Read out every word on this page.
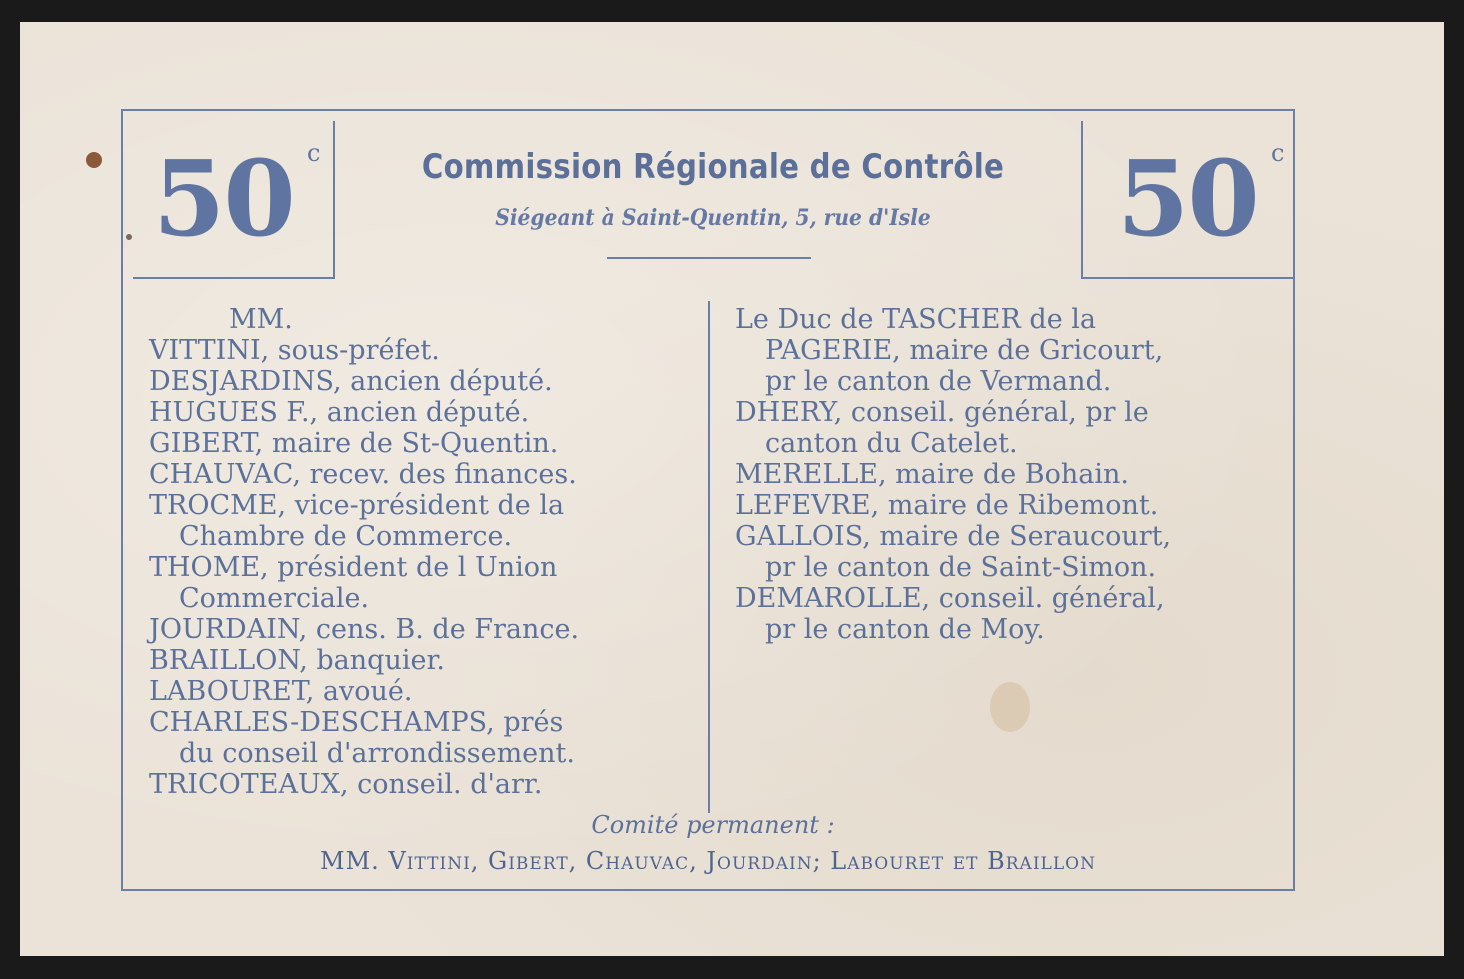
50 c	Commission Régionale de Contrôle
Siégeant à Saint-Quentin, 5, rue d'Isle	50 c
MM.
VITTINI, sous-préfet.
DESJARDINS, ancien député.
HUGUES F., ancien député.
GIBERT, maire de St-Quentin.
CHAUVAC, recev. des finances.
TROCME, vice-président de la
Chambre de Commerce.
THOME, président de l Union
Commerciale.
JOURDAIN, cens. B. de France.
BRAILLON, banquier.
LABOURET, avoué.
CHARLES-DESCHAMPS, prés
du conseil d'arrondissement.
TRICOTEAUX, conseil. d'arr.
Le Duc de TASCHER de la
PAGERIE, maire de Gricourt,
pr le canton de Vermand.
DHERY, conseil. général, pr le
canton du Catelet.
MERELLE, maire de Bohain.
LEFEVRE, maire de Ribemont.
GALLOIS, maire de Seraucourt,
pr le canton de Saint-Simon.
DEMAROLLE, conseil. général,
pr le canton de Moy.
Comité permanent :
MM. Vittini, Gibert, Chauvac, Jourdain; Labouret et Braillon
